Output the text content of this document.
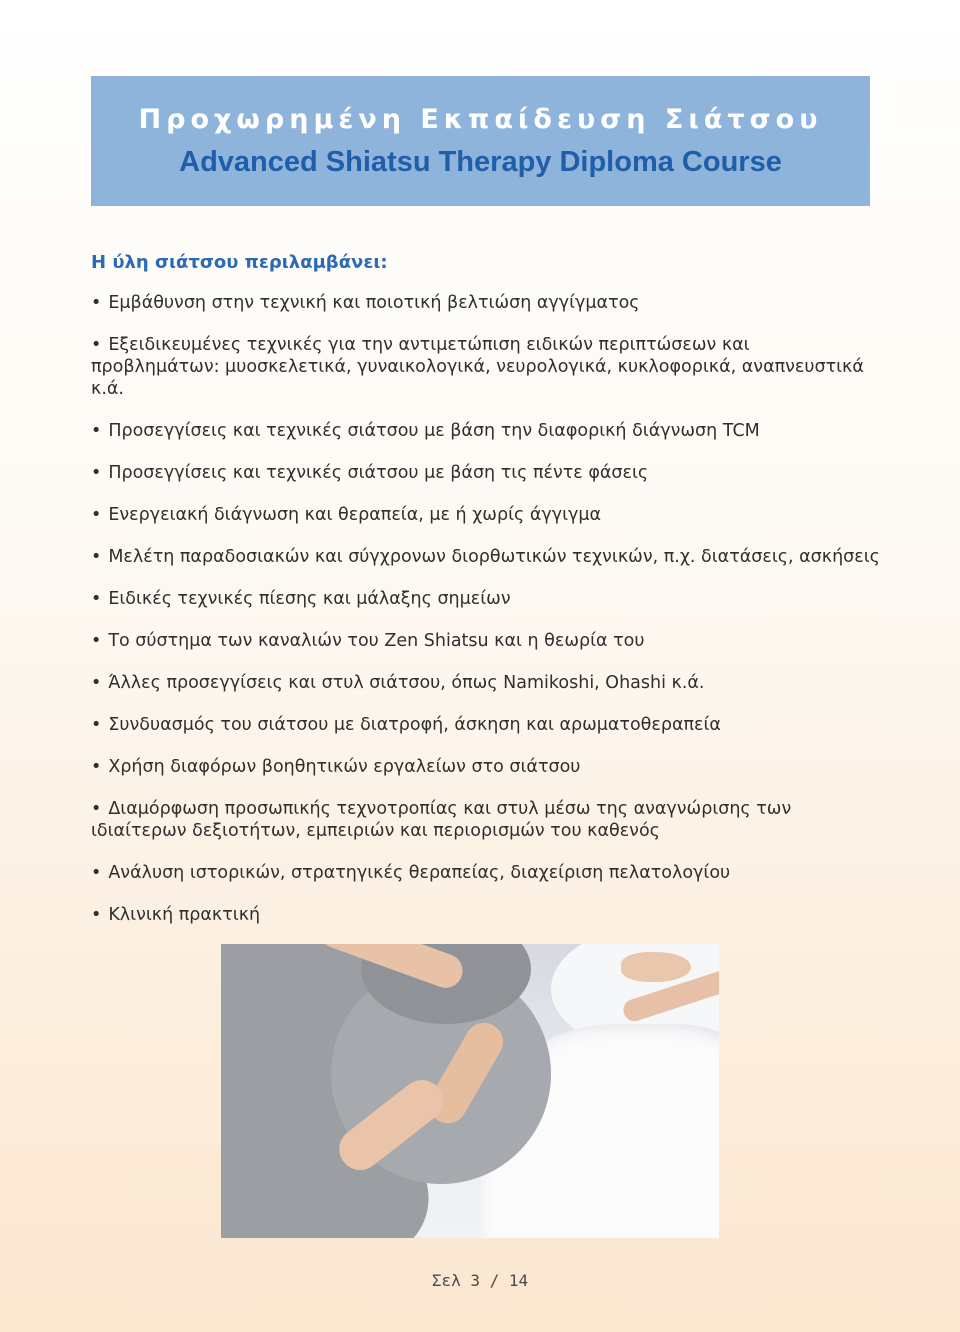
Προχωρημένη Εκπαίδευση Σιάτσου
Advanced Shiatsu Therapy Diploma Course
Η ύλη σιάτσου περιλαμβάνει:
• Εμβάθυνση στην τεχνική και ποιοτική βελτιώση αγγίγματος
• Εξειδικευμένες τεχνικές για την αντιμετώπιση ειδικών περιπτώσεων και προβλημάτων: μυοσκελετικά, γυναικολογικά, νευρολογικά, κυκλοφορικά, αναπνευστικά κ.ά.
• Προσεγγίσεις και τεχνικές σιάτσου με βάση την διαφορική διάγνωση TCM
• Προσεγγίσεις και τεχνικές σιάτσου με βάση τις πέντε φάσεις
• Ενεργειακή διάγνωση και θεραπεία, με ή χωρίς άγγιγμα
• Μελέτη παραδοσιακών και σύγχρονων διορθωτικών τεχνικών, π.χ. διατάσεις, ασκήσεις
• Ειδικές τεχνικές πίεσης και μάλαξης σημείων
• Το σύστημα των καναλιών του Zen Shiatsu και η θεωρία του
• Άλλες προσεγγίσεις και στυλ σιάτσου, όπως Namikoshi, Ohashi κ.ά.
• Συνδυασμός του σιάτσου με διατροφή, άσκηση και αρωματοθεραπεία
• Χρήση διαφόρων βοηθητικών εργαλείων στο σιάτσου
• Διαμόρφωση προσωπικής τεχνοτροπίας και στυλ μέσω της αναγνώρισης των ιδιαίτερων δεξιοτήτων, εμπειριών και περιορισμών του καθενός
• Ανάλυση ιστορικών, στρατηγικές θεραπείας, διαχείριση πελατολογίου
• Κλινική πρακτική
Σελ 3 / 14
